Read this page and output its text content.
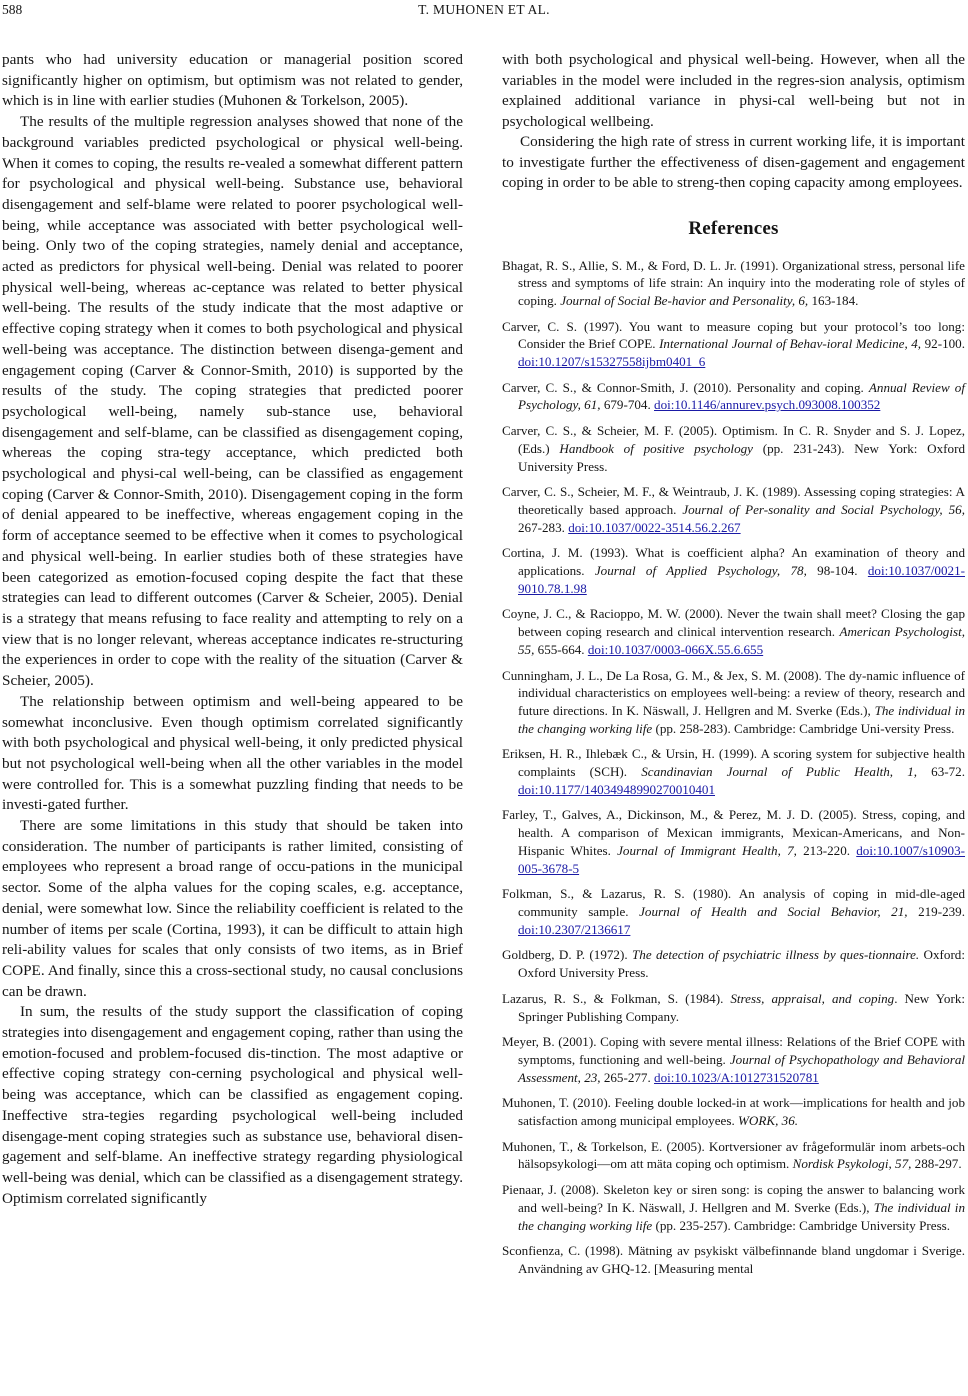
588	T. MUHONEN ET AL.

pants who had university education or managerial position scored significantly higher on optimism, but optimism was not related to gender, which is in line with earlier studies (Muhonen & Torkelson, 2005).

The results of the multiple regression analyses showed that none of the background variables predicted psychological or physical well-being. When it comes to coping, the results re-vealed a somewhat different pattern for psychological and physical well-being. Substance use, behavioral disengagement and self-blame were related to poorer psychological well-being, while acceptance was associated with better psychological well-being. Only two of the coping strategies, namely denial and acceptance, acted as predictors for physical well-being. Denial was related to poorer physical well-being, whereas ac-ceptance was related to better physical well-being. The results of the study indicate that the most adaptive or effective coping strategy when it comes to both psychological and physical well-being was acceptance. The distinction between disenga-gement and engagement coping (Carver & Connor-Smith, 2010) is supported by the results of the study. The coping strategies that predicted poorer psychological well-being, namely sub-stance use, behavioral disengagement and self-blame, can be classified as disengagement coping, whereas the coping stra-tegy acceptance, which predicted both psychological and physi-cal well-being, can be classified as engagement coping (Carver & Connor-Smith, 2010). Disengagement coping in the form of denial appeared to be ineffective, whereas engagement coping in the form of acceptance seemed to be effective when it comes to psychological and physical well-being. In earlier studies both of these strategies have been categorized as emotion-focused coping despite the fact that these strategies can lead to different outcomes (Carver & Scheier, 2005). Denial is a strategy that means refusing to face reality and attempting to rely on a view that is no longer relevant, whereas acceptance indicates re-structuring the experiences in order to cope with the reality of the situation (Carver & Scheier, 2005).

The relationship between optimism and well-being appeared to be somewhat inconclusive. Even though optimism correlated significantly with both psychological and physical well-being, it only predicted physical but not psychological well-being when all the other variables in the model were controlled for. This is a somewhat puzzling finding that needs to be investi-gated further.

There are some limitations in this study that should be taken into consideration. The number of participants is rather limited, consisting of employees who represent a broad range of occu-pations in the municipal sector. Some of the alpha values for the coping scales, e.g. acceptance, denial, were somewhat low. Since the reliability coefficient is related to the number of items per scale (Cortina, 1993), it can be difficult to attain high reli-ability values for scales that only consists of two items, as in Brief COPE. And finally, since this a cross-sectional study, no causal conclusions can be drawn.

In sum, the results of the study support the classification of coping strategies into disengagement and engagement coping, rather than using the emotion-focused and problem-focused dis-tinction. The most adaptive or effective coping strategy con-cerning psychological and physical well-being was acceptance, which can be classified as engagement coping. Ineffective stra-tegies regarding psychological well-being included disengage-ment coping strategies such as substance use, behavioral disen-gagement and self-blame. An ineffective strategy regarding physiological well-being was denial, which can be classified as a disengagement strategy. Optimism correlated significantly

with both psychological and physical well-being. However, when all the variables in the model were included in the regres-sion analysis, optimism explained additional variance in physi-cal well-being but not in psychological wellbeing.

Considering the high rate of stress in current working life, it is important to investigate further the effectiveness of disen-gagement and engagement coping in order to be able to streng-then coping capacity among employees.

References

Bhagat, R. S., Allie, S. M., & Ford, D. L. Jr. (1991). Organizational stress, personal life stress and symptoms of life strain: An inquiry into the moderating role of styles of coping. Journal of Social Be-havior and Personality, 6, 163-184.

Carver, C. S. (1997). You want to measure coping but your protocol’s too long: Consider the Brief COPE. International Journal of Behav-ioral Medicine, 4, 92-100. doi:10.1207/s15327558ijbm0401_6

Carver, C. S., & Connor-Smith, J. (2010). Personality and coping. Annual Review of Psychology, 61, 679-704. doi:10.1146/annurev.psych.093008.100352

Carver, C. S., & Scheier, M. F. (2005). Optimism. In C. R. Snyder and S. J. Lopez, (Eds.) Handbook of positive psychology (pp. 231-243). New York: Oxford University Press.

Carver, C. S., Scheier, M. F., & Weintraub, J. K. (1989). Assessing coping strategies: A theoretically based approach. Journal of Per-sonality and Social Psychology, 56, 267-283. doi:10.1037/0022-3514.56.2.267

Cortina, J. M. (1993). What is coefficient alpha? An examination of theory and applications. Journal of Applied Psychology, 78, 98-104. doi:10.1037/0021-9010.78.1.98

Coyne, J. C., & Racioppo, M. W. (2000). Never the twain shall meet? Closing the gap between coping research and clinical intervention research. American Psychologist, 55, 655-664. doi:10.1037/0003-066X.55.6.655

Cunningham, J. L., De La Rosa, G. M., & Jex, S. M. (2008). The dy-namic influence of individual characteristics on employees well-being: a review of theory, research and future directions. In K. Näswall, J. Hellgren and M. Sverke (Eds.), The individual in the changing working life (pp. 258-283). Cambridge: Cambridge Uni-versity Press.

Eriksen, H. R., Ihlebæk C., & Ursin, H. (1999). A scoring system for subjective health complaints (SCH). Scandinavian Journal of Public Health, 1, 63-72. doi:10.1177/14034948990270010401

Farley, T., Galves, A., Dickinson, M., & Perez, M. J. D. (2005). Stress, coping, and health. A comparison of Mexican immigrants, Mexican-Americans, and Non-Hispanic Whites. Journal of Immigrant Health, 7, 213-220. doi:10.1007/s10903-005-3678-5

Folkman, S., & Lazarus, R. S. (1980). An analysis of coping in mid-dle-aged community sample. Journal of Health and Social Behavior, 21, 219-239. doi:10.2307/2136617

Goldberg, D. P. (1972). The detection of psychiatric illness by ques-tionnaire. Oxford: Oxford University Press.

Lazarus, R. S., & Folkman, S. (1984). Stress, appraisal, and coping. New York: Springer Publishing Company.

Meyer, B. (2001). Coping with severe mental illness: Relations of the Brief COPE with symptoms, functioning and well-being. Journal of Psychopathology and Behavioral Assessment, 23, 265-277. doi:10.1023/A:1012731520781

Muhonen, T. (2010). Feeling double locked-in at work―implications for health and job satisfaction among municipal employees. WORK, 36.

Muhonen, T., & Torkelson, E. (2005). Kortversioner av frågeformulär inom arbets-och hälsopsykologi―om att mäta coping och optimism. Nordisk Psykologi, 57, 288-297.

Pienaar, J. (2008). Skeleton key or siren song: is coping the answer to balancing work and well-being? In K. Näswall, J. Hellgren and M. Sverke (Eds.), The individual in the changing working life (pp. 235-257). Cambridge: Cambridge University Press.

Sconfienza, C. (1998). Mätning av psykiskt välbefinnande bland ungdomar i Sverige. Användning av GHQ-12. [Measuring mental
